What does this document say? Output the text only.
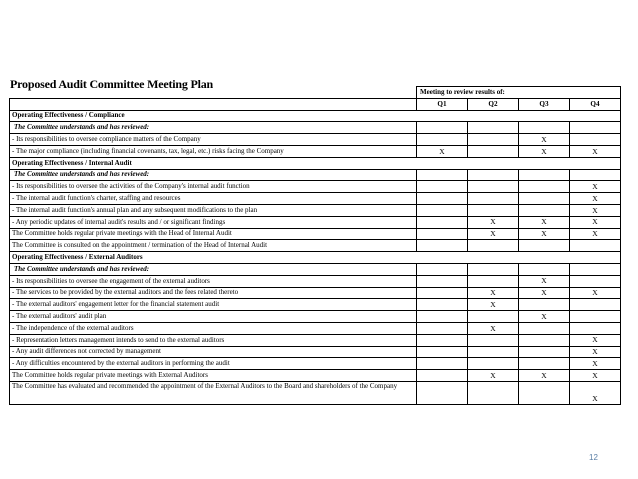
Proposed Audit Committee Meeting Plan
	Meeting to review results of:			
	Q1	Q2	Q3	Q4
Operating Effectiveness / Compliance				
The Committee understands and has reviewed:				
- Its responsibilities to oversee compliance matters of the Company			X	
- The major compliance (including financial covenants, tax, legal, etc.) risks facing the Company	X		X	X
Operating Effectiveness / Internal Audit				
The Committee understands and has reviewed:				
- Its responsibilities to oversee the activities of the Company's internal audit function				X
- The internal audit function's charter, staffing and resources				X
- The internal audit function's annual plan and any subsequent modifications to the plan				X
- Any periodic updates of internal audit's results and / or significant findings		X	X	X
The Committee holds regular private meetings with the Head of Internal Audit		X	X	X
The Committee is consulted on the appointment / termination of the Head of Internal Audit				
Operating Effectiveness / External Auditors				
The Committee understands and has reviewed:				
- Its responsibilities to oversee the engagement of the external auditors			X	
- The services to be provided by the external auditors and the fees related thereto		X	X	X
- The external auditors' engagement letter for the financial statement audit		X		
- The external auditors' audit plan			X	
- The independence of the external auditors		X		
- Representation letters management intends to send to the external auditors				X
- Any audit differences not corrected by management				X
- Any difficulties encountered by the external auditors in performing the audit				X
The Committee holds regular private meetings with External Auditors		X	X	X
The Committee has evaluated and recommended the appointment of the External Auditors to the Board and shareholders of the Company				X
12
